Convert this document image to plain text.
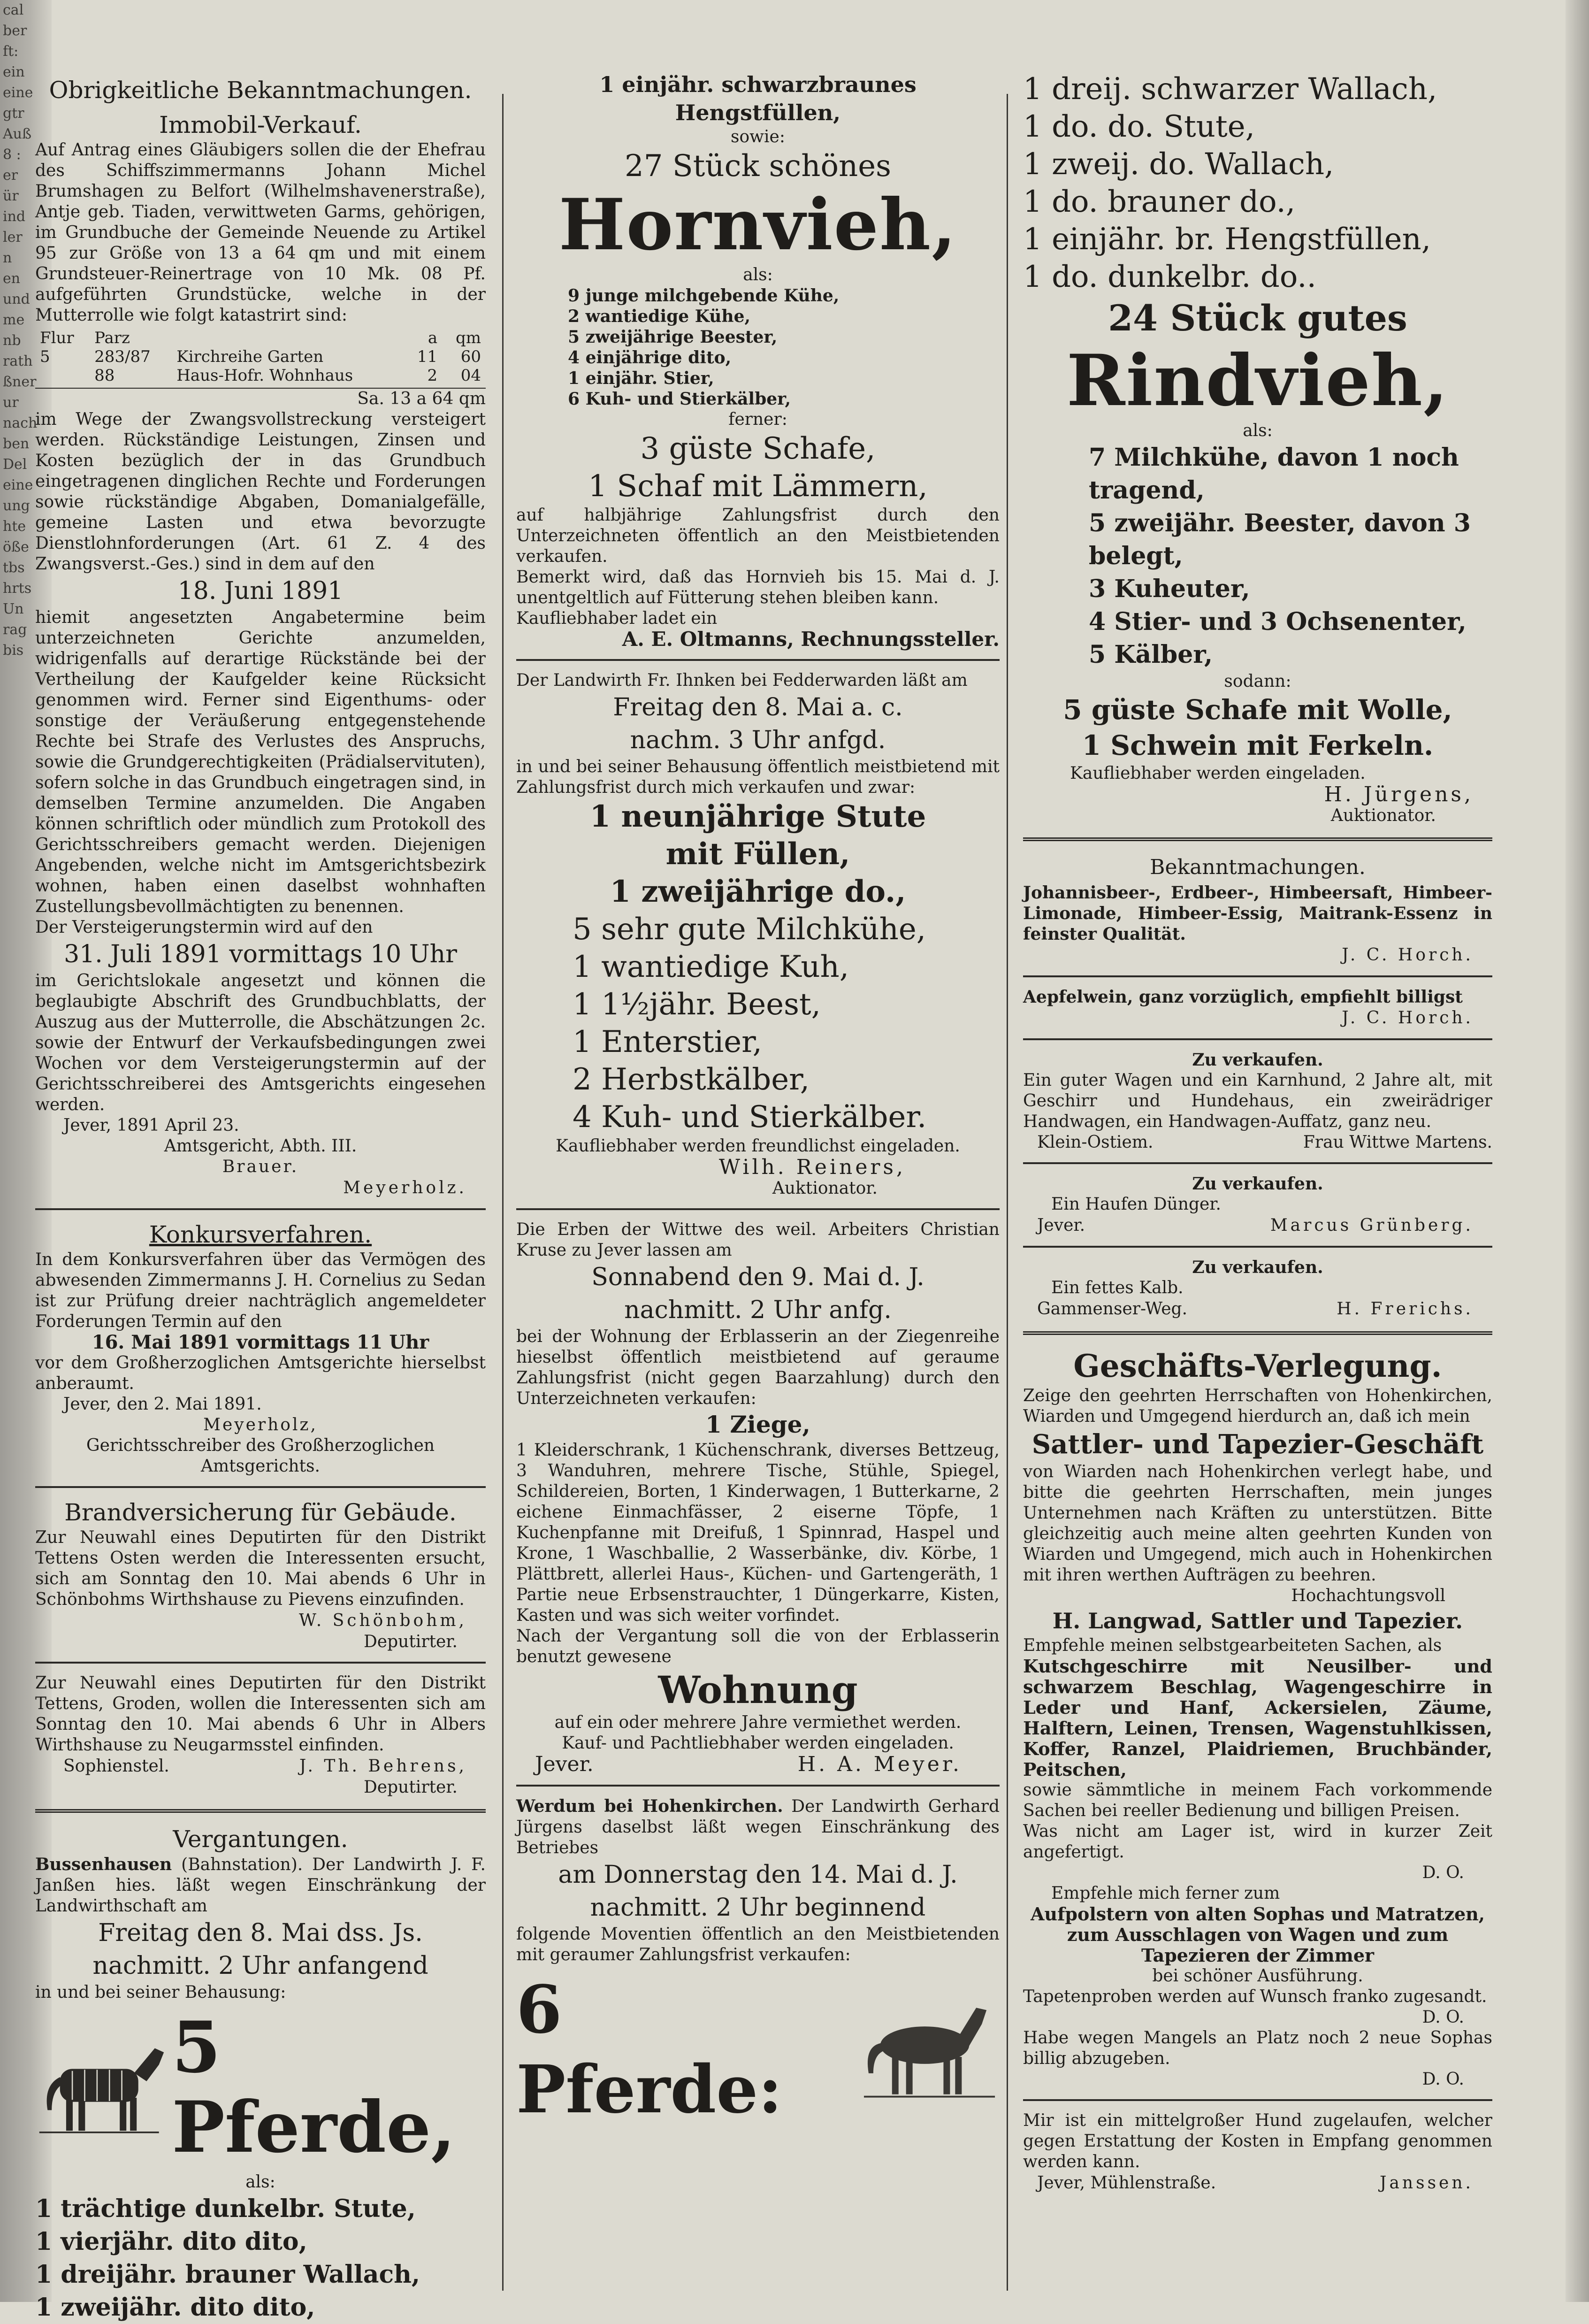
cal

ber

ft:

ein

eine

gtr

Auß

8 :

er

ür

ind

ler

n

en

und

me

nb

rath

ßner

ur

nach

ben

Del

eine

ung

hte

öße

tbs

hrts

Un

rag

bis

Obrigkeitliche Bekanntmachungen.

Immobil-Verkauf.

Auf Antrag eines Gläubigers sollen die der Ehefrau des Schiffszimmermanns Johann Michel Brumshagen zu Belfort (Wilhelmshavenerstraße), Antje geb. Tiaden, verwittweten Garms, gehörigen, im Grundbuche der Gemeinde Neuende zu Artikel 95 zur Größe von 13 a 64 qm und mit einem Grundsteuer-Reinertrage von 10 Mk. 08 Pf. aufgeführten Grundstücke, welche in der Mutterrolle wie folgt katastrirt sind:

Flur	Parz		a	qm
5	283/87	Kirchreihe Garten	11	60
	88	Haus-Hofr. Wohnhaus	2	04

Sa. 13 a 64 qm

im Wege der Zwangsvollstreckung versteigert werden. Rückständige Leistungen, Zinsen und Kosten bezüglich der in das Grundbuch eingetragenen dinglichen Rechte und Forderungen sowie rückständige Abgaben, Domanialgefälle, gemeine Lasten und etwa bevorzugte Dienstlohnforderungen (Art. 61 Z. 4 des Zwangsverst.-Ges.) sind in dem auf den

18. Juni 1891

hiemit angesetzten Angabetermine beim unterzeichneten Gerichte anzumelden, widrigenfalls auf derartige Rückstände bei der Vertheilung der Kaufgelder keine Rücksicht genommen wird. Ferner sind Eigenthums- oder sonstige der Veräußerung entgegenstehende Rechte bei Strafe des Verlustes des Anspruchs, sowie die Grundgerechtigkeiten (Prädialservituten), sofern solche in das Grundbuch eingetragen sind, in demselben Termine anzumelden. Die Angaben können schriftlich oder mündlich zum Protokoll des Gerichtsschreibers gemacht werden. Diejenigen Angebenden, welche nicht im Amtsgerichtsbezirk wohnen, haben einen daselbst wohnhaften Zustellungsbevollmächtigten zu benennen.

Der Versteigerungstermin wird auf den

31. Juli 1891 vormittags 10 Uhr

im Gerichtslokale angesetzt und können die beglaubigte Abschrift des Grundbuchblatts, der Auszug aus der Mutterrolle, die Abschätzungen 2c. sowie der Entwurf der Verkaufsbedingungen zwei Wochen vor dem Versteigerungstermin auf der Gerichtsschreiberei des Amtsgerichts eingesehen werden.

Jever, 1891 April 23.

Amtsgericht, Abth. III.

Brauer.

Meyerholz.

Konkursverfahren.

In dem Konkursverfahren über das Vermögen des abwesenden Zimmermanns J. H. Cornelius zu Sedan ist zur Prüfung dreier nachträglich angemeldeter Forderungen Termin auf den

16. Mai 1891 vormittags 11 Uhr

vor dem Großherzoglichen Amtsgerichte hierselbst anberaumt.

Jever, den 2. Mai 1891.

Meyerholz,

Gerichtsschreiber des Großherzoglichen Amtsgerichts.

Brandversicherung für Gebäude.

Zur Neuwahl eines Deputirten für den Distrikt Tettens Osten werden die Interessenten ersucht, sich am Sonntag den 10. Mai abends 6 Uhr in Schönbohms Wirthshause zu Pievens einzufinden.

W. Schönbohm,

Deputirter.

Zur Neuwahl eines Deputirten für den Distrikt Tettens, Groden, wollen die Interessenten sich am Sonntag den 10. Mai abends 6 Uhr in Albers Wirthshause zu Neugarmsstel einfinden.

Sophienstel.	J. Th. Behrens,

Deputirter.

Vergantungen.

Bussenhausen (Bahnstation). Der Landwirth J. F. Janßen hies. läßt wegen Einschränkung der Landwirthschaft am

Freitag den 8. Mai dss. Js.

nachmitt. 2 Uhr anfangend

in und bei seiner Behausung:

5 Pferde,

als:

1 trächtige dunkelbr. Stute,

1 vierjähr. dito dito,

1 dreijähr. brauner Wallach,

1 zweijähr. dito dito,

1 einjähr. schwarzbraunes Hengstfüllen,

sowie:

27 Stück schönes

Hornvieh,

als:

9 junge milchgebende Kühe,

2 wantiedige Kühe,

5 zweijährige Beester,

4 einjährige dito,

1 einjähr. Stier,

6 Kuh- und Stierkälber,

ferner:

3 güste Schafe,

1 Schaf mit Lämmern,

auf halbjährige Zahlungsfrist durch den Unterzeichneten öffentlich an den Meistbietenden verkaufen.

Bemerkt wird, daß das Hornvieh bis 15. Mai d. J. unentgeltlich auf Fütterung stehen bleiben kann.

Kaufliebhaber ladet ein

A. E. Oltmanns, Rechnungssteller.

Der Landwirth Fr. Ihnken bei Fedderwarden läßt am

Freitag den 8. Mai a. c.

nachm. 3 Uhr anfgd.

in und bei seiner Behausung öffentlich meistbietend mit Zahlungsfrist durch mich verkaufen und zwar:

1 neunjährige Stute

mit Füllen,

1 zweijährige do.,

5 sehr gute Milchkühe,

1 wantiedige Kuh,

1 1½jähr. Beest,

1 Enterstier,

2 Herbstkälber,

4 Kuh- und Stierkälber.

Kaufliebhaber werden freundlichst eingeladen.

Wilh. Reiners,

Auktionator.

Die Erben der Wittwe des weil. Arbeiters Christian Kruse zu Jever lassen am

Sonnabend den 9. Mai d. J.

nachmitt. 2 Uhr anfg.

bei der Wohnung der Erblasserin an der Ziegenreihe hieselbst öffentlich meistbietend auf geraume Zahlungsfrist (nicht gegen Baarzahlung) durch den Unterzeichneten verkaufen:

1 Ziege,

1 Kleiderschrank, 1 Küchenschrank, diverses Bettzeug, 3 Wanduhren, mehrere Tische, Stühle, Spiegel, Schildereien, Borten, 1 Kinderwagen, 1 Butterkarne, 2 eichene Einmachfässer, 2 eiserne Töpfe, 1 Kuchenpfanne mit Dreifuß, 1 Spinnrad, Haspel und Krone, 1 Waschballie, 2 Wasserbänke, div. Körbe, 1 Plättbrett, allerlei Haus-, Küchen- und Gartengeräth, 1 Partie neue Erbsenstrauchter, 1 Düngerkarre, Kisten, Kasten und was sich weiter vorfindet.

Nach der Vergantung soll die von der Erblasserin benutzt gewesene

Wohnung

auf ein oder mehrere Jahre vermiethet werden.

Kauf- und Pachtliebhaber werden eingeladen.

Jever.	H. A. Meyer.

Werdum bei Hohenkirchen. Der Landwirth Gerhard Jürgens daselbst läßt wegen Einschränkung des Betriebes

am Donnerstag den 14. Mai d. J.

nachmitt. 2 Uhr beginnend

folgende Moventien öffentlich an den Meistbietenden mit geraumer Zahlungsfrist verkaufen:

6 Pferde:

1 dreij. schwarzer Wallach,

1 do. do. Stute,

1 zweij. do. Wallach,

1 do. brauner do.,

1 einjähr. br. Hengstfüllen,

1 do. dunkelbr. do..

24 Stück gutes

Rindvieh,

als:

7 Milchkühe, davon 1 noch tragend,

5 zweijähr. Beester, davon 3 belegt,

3 Kuheuter,

4 Stier- und 3 Ochsenenter,

5 Kälber,

sodann:

5 güste Schafe mit Wolle,

1 Schwein mit Ferkeln.

Kaufliebhaber werden eingeladen.

H. Jürgens,

Auktionator.

Bekanntmachungen.

Johannisbeer-, Erdbeer-, Himbeersaft, Himbeer-Limonade, Himbeer-Essig, Maitrank-Essenz in feinster Qualität.

J. C. Horch.

Aepfelwein, ganz vorzüglich, empfiehlt billigst

J. C. Horch.

Zu verkaufen.

Ein guter Wagen und ein Karnhund, 2 Jahre alt, mit Geschirr und Hundehaus, ein zweirädriger Handwagen, ein Handwagen-Auffatz, ganz neu.

Klein-Ostiem.	Frau Wittwe Martens.

Zu verkaufen.

Ein Haufen Dünger.

Jever.	Marcus Grünberg.

Zu verkaufen.

Ein fettes Kalb.

Gammenser-Weg.	H. Frerichs.

Geschäfts-Verlegung.

Zeige den geehrten Herrschaften von Hohenkirchen, Wiarden und Umgegend hierdurch an, daß ich mein

Sattler- und Tapezier-Geschäft

von Wiarden nach Hohenkirchen verlegt habe, und bitte die geehrten Herrschaften, mein junges Unternehmen nach Kräften zu unterstützen. Bitte gleichzeitig auch meine alten geehrten Kunden von Wiarden und Umgegend, mich auch in Hohenkirchen mit ihren werthen Aufträgen zu beehren.

Hochachtungsvoll

H. Langwad, Sattler und Tapezier.

Empfehle meinen selbstgearbeiteten Sachen, als

Kutschgeschirre mit Neusilber- und schwarzem Beschlag, Wagengeschirre in Leder und Hanf, Ackersielen, Zäume, Halftern, Leinen, Trensen, Wagenstuhlkissen, Koffer, Ranzel, Plaidriemen, Bruchbänder, Peitschen,

sowie sämmtliche in meinem Fach vorkommende Sachen bei reeller Bedienung und billigen Preisen.

Was nicht am Lager ist, wird in kurzer Zeit angefertigt.

D. O.

Empfehle mich ferner zum

Aufpolstern von alten Sophas und Matratzen, zum Ausschlagen von Wagen und zum Tapezieren der Zimmer

bei schöner Ausführung.

Tapetenproben werden auf Wunsch franko zugesandt.

D. O.

Habe wegen Mangels an Platz noch 2 neue Sophas billig abzugeben.

D. O.

Mir ist ein mittelgroßer Hund zugelaufen, welcher gegen Erstattung der Kosten in Empfang genommen werden kann.

Jever, Mühlenstraße.	Janssen.
